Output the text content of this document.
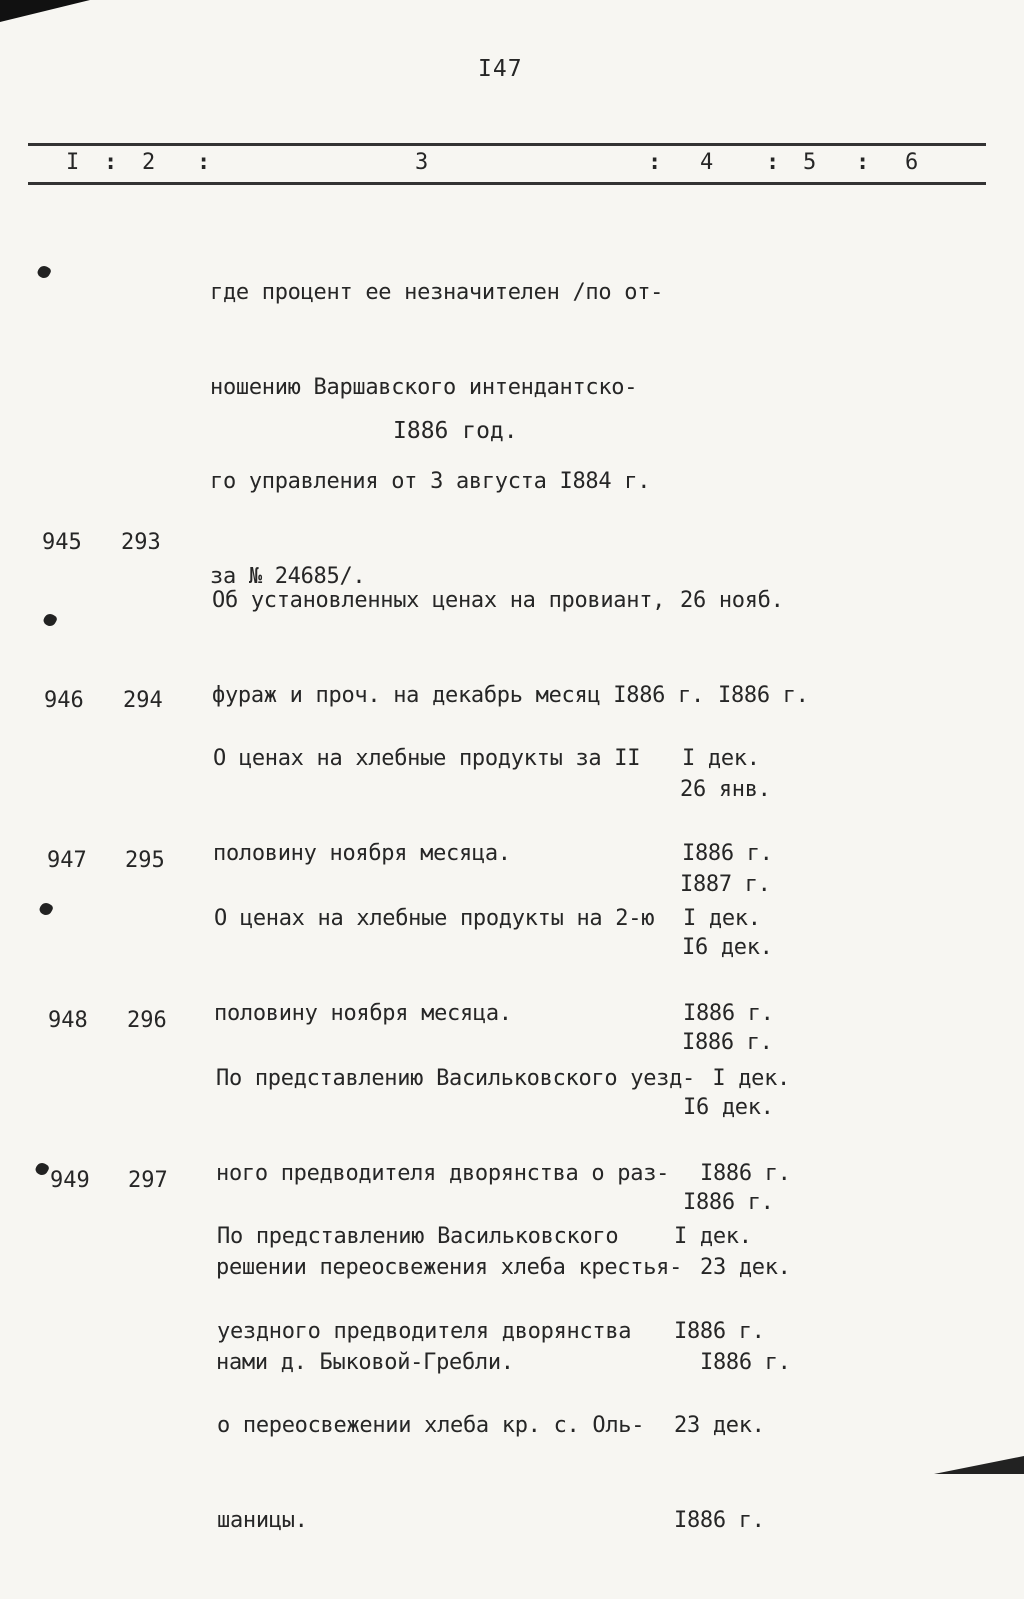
I47
I : 2 :	3	: 4 : 5 : 6

где процент ее незначителен /по от-

ношению Варшавского интендантско-

го управления от 3 августа I884 г.

за № 24685/.

I886 год.
945 293

Об установленных ценах на провиант,

фураж и проч. на декабрь месяц I886 г.

26 нояб.

I886 г.

26 янв.

I887 г.

946 294

О ценах на хлебные продукты за II

половину ноября месяца.

I дек.

I886 г.

I6 дек.

I886 г.

947 295

О ценах на хлебные продукты на 2-ю

половину ноября месяца.

I дек.

I886 г.

I6 дек.

I886 г.

948 296

По представлению Васильковского уезд-

ного предводителя дворянства о раз-

решении переосвежения хлеба крестья-

нами д. Быковой-Гребли.

I дек.

I886 г.

23 дек.

I886 г.

949 297

По представлению Васильковского

уездного предводителя дворянства

о переосвежении хлеба кр. с. Оль-

шаницы.

I дек.

I886 г.

23 дек.

I886 г.
